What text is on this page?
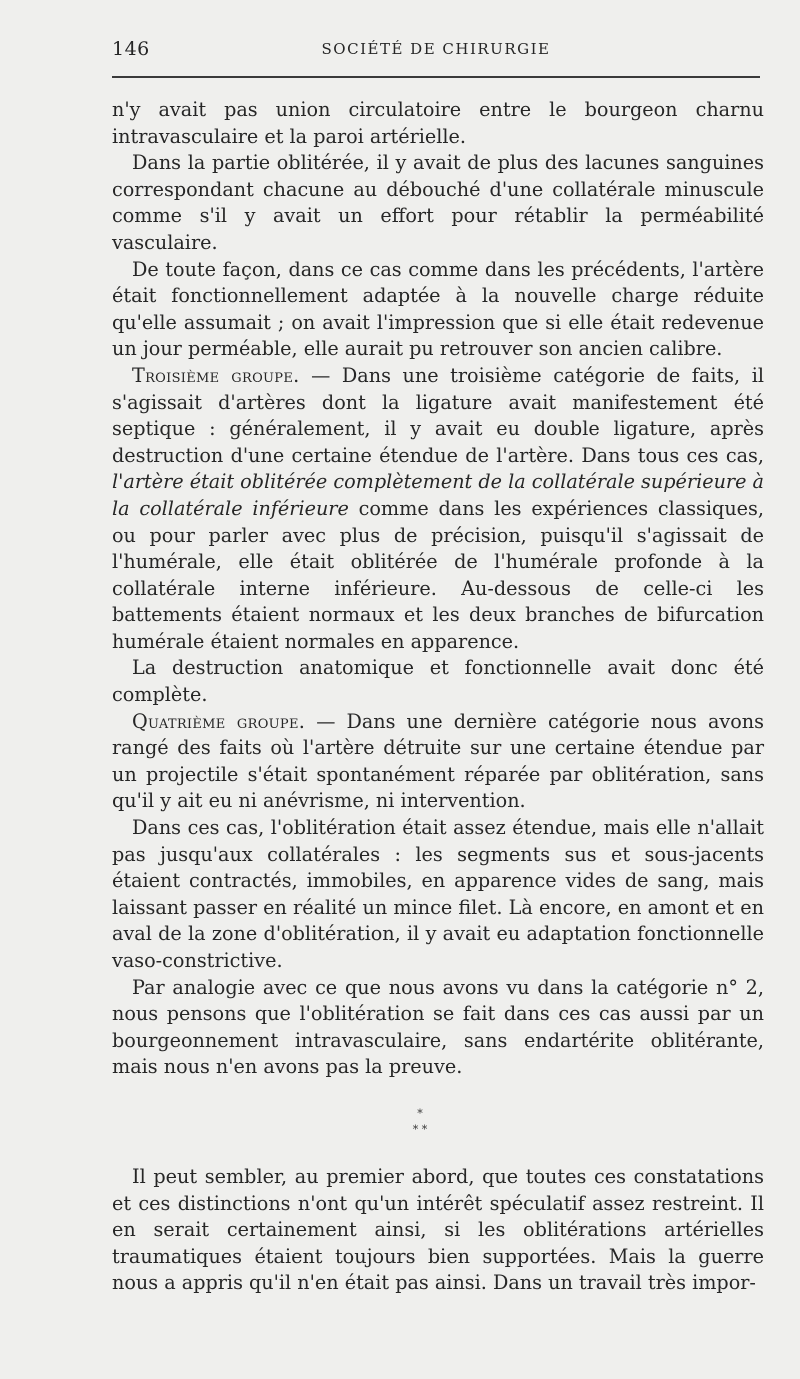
146	SOCIÉTÉ DE CHIRURGIE

n'y avait pas union circulatoire entre le bourgeon charnu intravasculaire et la paroi artérielle.

Dans la partie oblitérée, il y avait de plus des lacunes sanguines correspondant chacune au débouché d'une collatérale minuscule comme s'il y avait un effort pour rétablir la perméabilité vasculaire.

De toute façon, dans ce cas comme dans les précédents, l'artère était fonctionnellement adaptée à la nouvelle charge réduite qu'elle assumait ; on avait l'impression que si elle était redevenue un jour perméable, elle aurait pu retrouver son ancien calibre.

Troisième groupe. — Dans une troisième catégorie de faits, il s'agissait d'artères dont la ligature avait manifestement été septique : généralement, il y avait eu double ligature, après destruction d'une certaine étendue de l'artère. Dans tous ces cas, l'artère était oblitérée complètement de la collatérale supérieure à la collatérale inférieure comme dans les expériences classiques, ou pour parler avec plus de précision, puisqu'il s'agissait de l'humérale, elle était oblitérée de l'humérale profonde à la collatérale interne inférieure. Au-dessous de celle-ci les battements étaient normaux et les deux branches de bifurcation humérale étaient normales en apparence.

La destruction anatomique et fonctionnelle avait donc été complète.

Quatrième groupe. — Dans une dernière catégorie nous avons rangé des faits où l'artère détruite sur une certaine étendue par un projectile s'était spontanément réparée par oblitération, sans qu'il y ait eu ni anévrisme, ni intervention.

Dans ces cas, l'oblitération était assez étendue, mais elle n'allait pas jusqu'aux collatérales : les segments sus et sous-jacents étaient contractés, immobiles, en apparence vides de sang, mais laissant passer en réalité un mince filet. Là encore, en amont et en aval de la zone d'oblitération, il y avait eu adaptation fonctionnelle vaso-constrictive.

Par analogie avec ce que nous avons vu dans la catégorie n° 2, nous pensons que l'oblitération se fait dans ces cas aussi par un bourgeonnement intravasculaire, sans endartérite oblitérante, mais nous n'en avons pas la preuve.

*
* *

Il peut sembler, au premier abord, que toutes ces constatations et ces distinctions n'ont qu'un intérêt spéculatif assez restreint. Il en serait certainement ainsi, si les oblitérations artérielles traumatiques étaient toujours bien supportées. Mais la guerre nous a appris qu'il n'en était pas ainsi. Dans un travail très impor-
